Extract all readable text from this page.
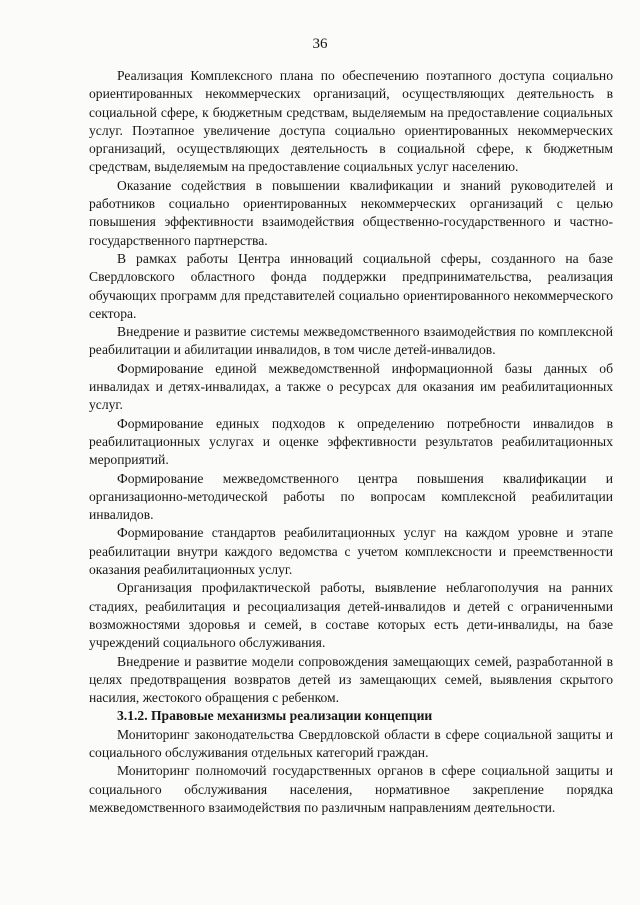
36

Реализация Комплексного плана по обеспечению поэтапного доступа социально ориентированных некоммерческих организаций, осуществляющих деятельность в социальной сфере, к бюджетным средствам, выделяемым на предоставление социальных услуг. Поэтапное увеличение доступа социально ориентированных некоммерческих организаций, осуществляющих деятельность в социальной сфере, к бюджетным средствам, выделяемым на предоставление социальных услуг населению.

Оказание содействия в повышении квалификации и знаний руководителей и работников социально ориентированных некоммерческих организаций с целью повышения эффективности взаимодействия общественно-государственного и частно-государственного партнерства.

В рамках работы Центра инноваций социальной сферы, созданного на базе Свердловского областного фонда поддержки предпринимательства, реализация обучающих программ для представителей социально ориентированного некоммерческого сектора.

Внедрение и развитие системы межведомственного взаимодействия по комплексной реабилитации и абилитации инвалидов, в том числе детей-инвалидов.

Формирование единой межведомственной информационной базы данных об инвалидах и детях-инвалидах, а также о ресурсах для оказания им реабилитационных услуг.

Формирование единых подходов к определению потребности инвалидов в реабилитационных услугах и оценке эффективности результатов реабилитационных мероприятий.

Формирование межведомственного центра повышения квалификации и организационно-методической работы по вопросам комплексной реабилитации инвалидов.

Формирование стандартов реабилитационных услуг на каждом уровне и этапе реабилитации внутри каждого ведомства с учетом комплексности и преемственности оказания реабилитационных услуг.

Организация профилактической работы, выявление неблагополучия на ранних стадиях, реабилитация и ресоциализация детей-инвалидов и детей с ограниченными возможностями здоровья и семей, в составе которых есть дети-инвалиды, на базе учреждений социального обслуживания.

Внедрение и развитие модели сопровождения замещающих семей, разработанной в целях предотвращения возвратов детей из замещающих семей, выявления скрытого насилия, жестокого обращения с ребенком.

3.1.2. Правовые механизмы реализации концепции

Мониторинг законодательства Свердловской области в сфере социальной защиты и социального обслуживания отдельных категорий граждан.

Мониторинг полномочий государственных органов в сфере социальной защиты и социального обслуживания населения, нормативное закрепление порядка межведомственного взаимодействия по различным направлениям деятельности.
